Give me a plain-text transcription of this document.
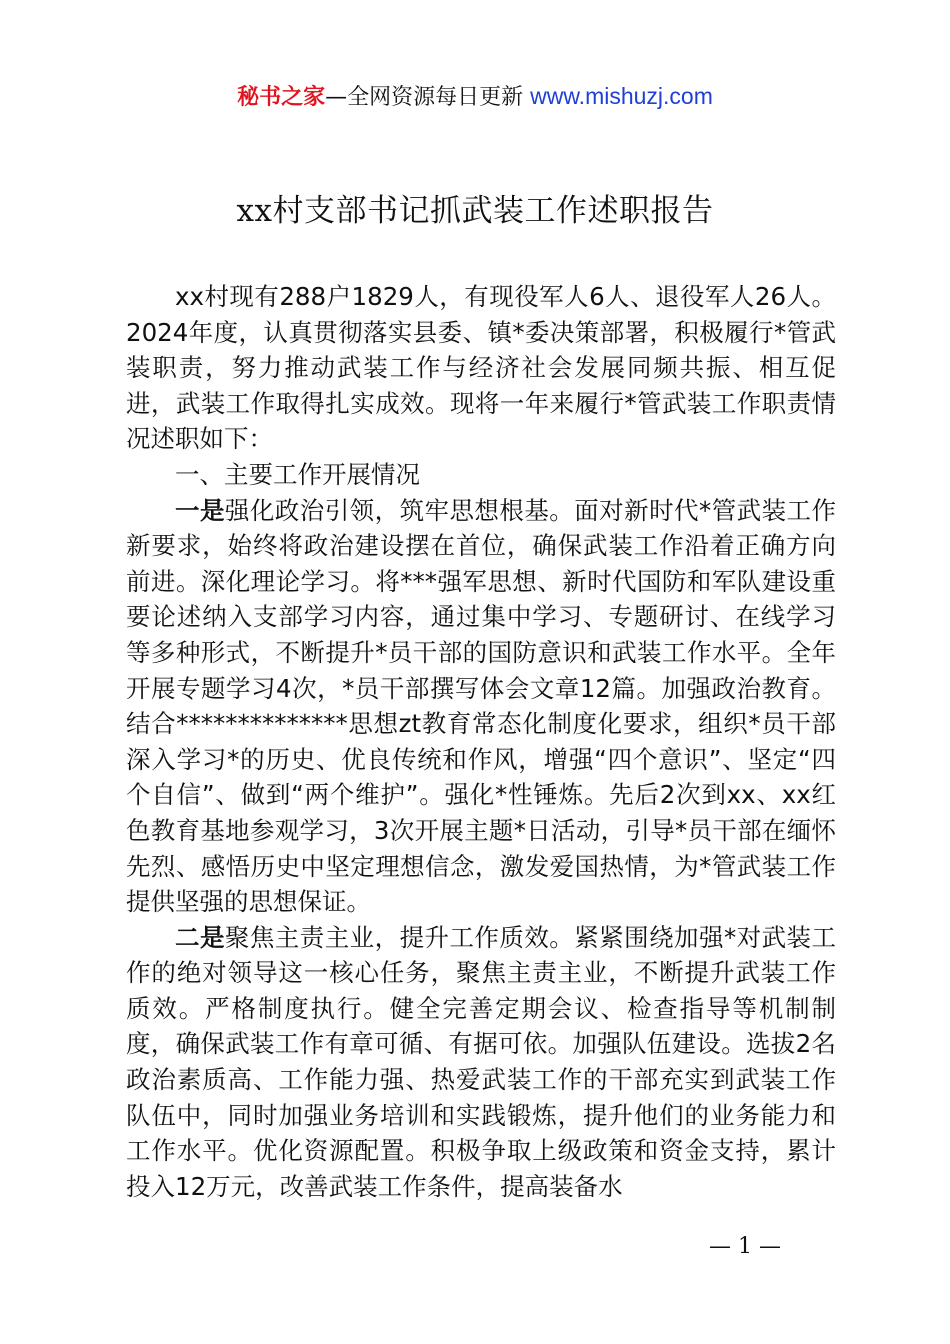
秘书之家—全网资源每日更新 www.mishuzj.com
xx村支部书记抓武装工作述职报告

xx村现有288户1829人，有现役军人6人、退役军人26人。2024年度，认真贯彻落实县委、镇*委决策部署，积极履行*管武装职责，努力推动武装工作与经济社会发展同频共振、相互促进，武装工作取得扎实成效。现将一年来履行*管武装工作职责情况述职如下：

一、主要工作开展情况

一是强化政治引领，筑牢思想根基。面对新时代*管武装工作新要求，始终将政治建设摆在首位，确保武装工作沿着正确方向前进。深化理论学习。将***强军思想、新时代国防和军队建设重要论述纳入支部学习内容，通过集中学习、专题研讨、在线学习等多种形式，不断提升*员干部的国防意识和武装工作水平。全年开展专题学习4次，*员干部撰写体会文章12篇。加强政治教育。结合**************思想zt教育常态化制度化要求，组织*员干部深入学习*的历史、优良传统和作风，增强“四个意识”、坚定“四个自信”、做到“两个维护”。强化*性锤炼。先后2次到xx、xx红色教育基地参观学习，3次开展主题*日活动，引导*员干部在缅怀先烈、感悟历史中坚定理想信念，激发爱国热情，为*管武装工作提供坚强的思想保证。

二是聚焦主责主业，提升工作质效。紧紧围绕加强*对武装工作的绝对领导这一核心任务，聚焦主责主业，不断提升武装工作质效。严格制度执行。健全完善定期会议、检查指导等机制制度，确保武装工作有章可循、有据可依。加强队伍建设。选拔2名政治素质高、工作能力强、热爱武装工作的干部充实到武装工作队伍中，同时加强业务培训和实践锻炼，提升他们的业务能力和工作水平。优化资源配置。积极争取上级政策和资金支持，累计投入12万元，改善武装工作条件，提高装备水

— 1 —
